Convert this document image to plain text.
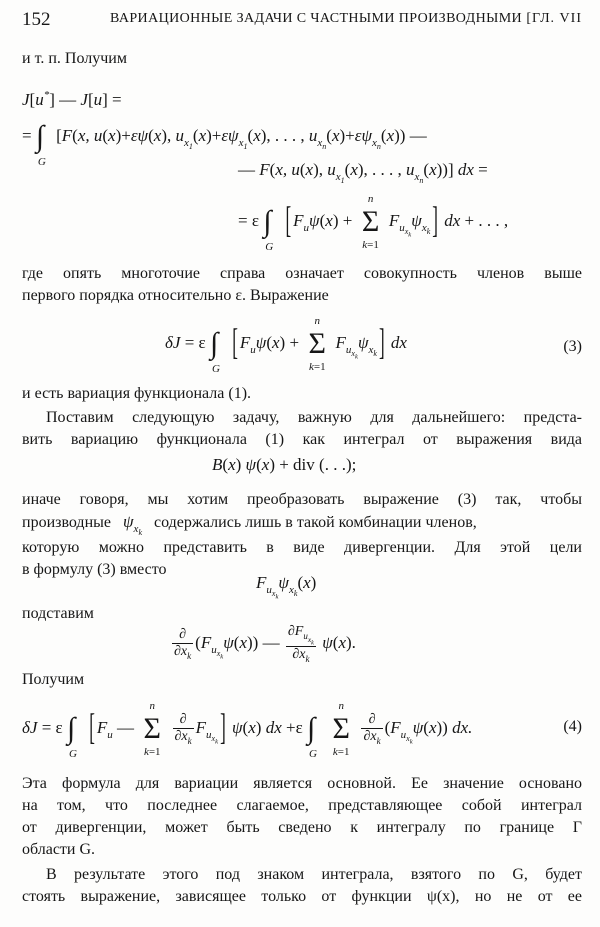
152	ВАРИАЦИОННЫЕ ЗАДАЧИ С ЧАСТНЫМИ ПРОИЗВОДНЫМИ [ГЛ. VII
и т. п. Получим
J[u*] — J[u] =
= ∫
G
[F(x, u(x)+εψ(x), $u_{x_1}(x)+\varepsilon\psi_{x_1}(x)$, . . . , $u_{x_n}(x)+\varepsilon\psi_{x_n}(x)$) —
— F(x, u(x), $u_{x_1}(x)$, . . . , $u_{x_n}(x)$)] dx =
= ε ∫
G
[ $F_u\psi(x) + \Sigma$
n
k=1
$F_{u_{x_k}}\psi_{x_k}$ ] dx + . . . ,
где опять многоточие справа означает совокупность членов выше
первого порядка относительно ε. Выражение
δJ = ε ∫
G
[ $F_u\psi(x) + \Sigma$
n
k=1
$F_{u_{x_k}}\psi_{x_k}$ ] dx	(3)
и есть вариация функционала (1).
Поставим следующую задачу, важную для дальнейшего: предста-
вить вариацию функционала (1) как интеграл от выражения вида
B(x) ψ(x) + div (. . .);
иначе говоря, мы хотим преобразовать выражение (3) так, чтобы
производные $\psi_{x_k}$ содержались лишь в такой комбинации членов,
которую можно представить в виде дивергенции. Для этой цели
в формулу (3) вместо
$F_{u_{x_k}}\psi_{x_k}(x)$
подставим
$\frac{\partial}{\partial x_k} (F_{u_{x_k}}\psi(x))$ — $\frac{\partial F_{u_{x_k}}}{\partial x_k} \psi(x)$.
Получим
δJ = ε ∫
G
[ $F_u$ — Σ
n
k=1

$\frac{\partial}{\partial x_k} F_{u_{x_k}}$ ] ψ(x) dx +ε ∫
G
Σ
n
k=1

$\frac{\partial}{\partial x_k} (F_{u_{x_k}}\psi(x))$ dx.	(4)
Эта формула для вариации является основной. Ее значение основано
на том, что последнее слагаемое, представляющее собой интеграл
от дивергенции, может быть сведено к интегралу по границе Γ
области G.
В результате этого под знаком интеграла, взятого по G, будет
стоять выражение, зависящее только от функции ψ(x), но не от ее
